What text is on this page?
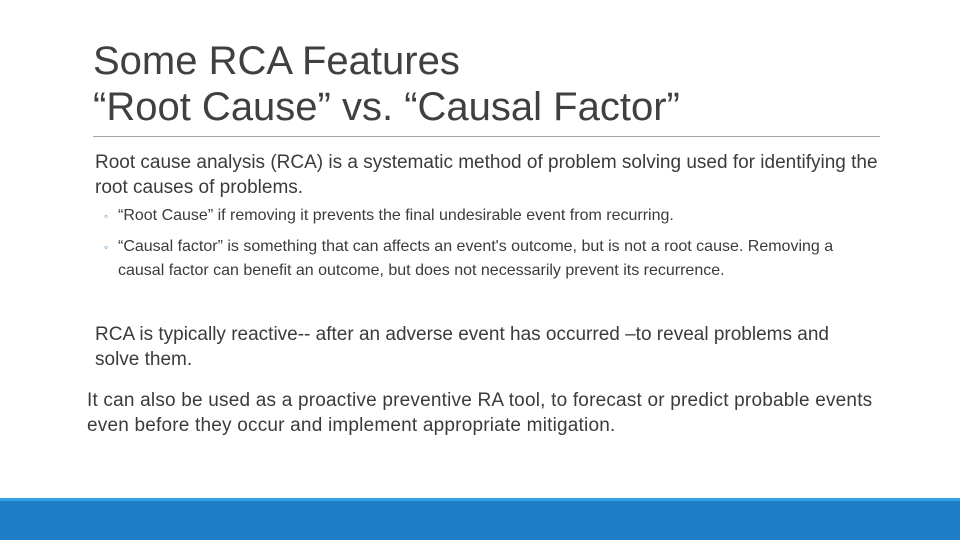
Some RCA Features
“Root Cause” vs. “Causal Factor”

Root cause analysis (RCA) is a systematic method of problem solving used for identifying the root causes of problems.

◦ “Root Cause” if removing it prevents the final undesirable event from recurring.
◦ “Causal factor” is something that can affects an event's outcome, but is not a root cause. Removing a causal factor can benefit an outcome, but does not necessarily prevent its recurrence.

RCA is typically reactive-- after an adverse event has occurred –to reveal problems and solve them.

It can also be used as a proactive preventive RA tool, to forecast or predict probable events even before they occur and implement appropriate mitigation.
